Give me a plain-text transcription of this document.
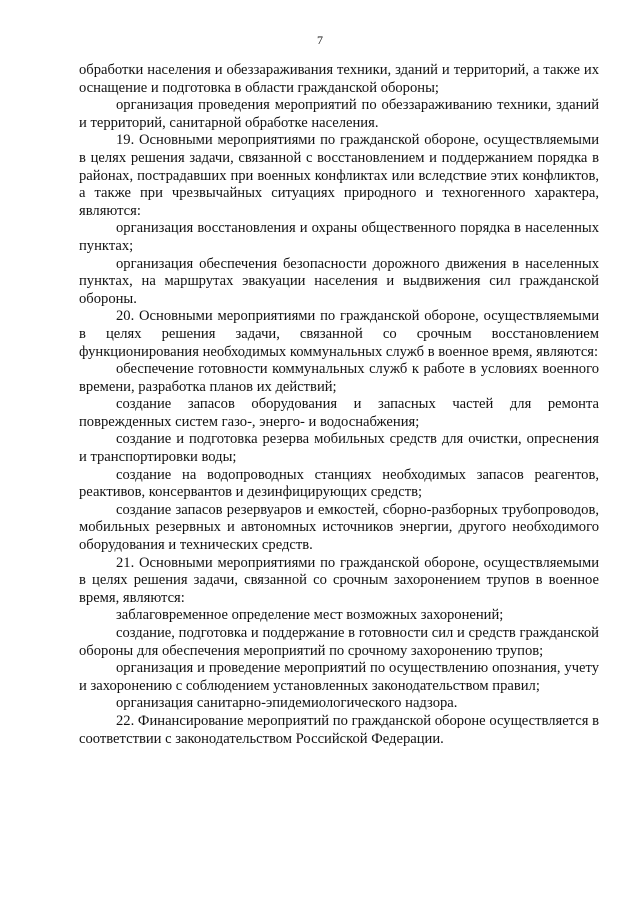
7

обработки населения и обеззараживания техники, зданий и территорий, а также их оснащение и подготовка в области гражданской обороны;

организация проведения мероприятий по обеззараживанию техники, зданий и территорий, санитарной обработке населения.

19. Основными мероприятиями по гражданской обороне, осуществляемыми в целях решения задачи, связанной с восстановлением и поддержанием порядка в районах, пострадавших при военных конфликтах или вследствие этих конфликтов, а также при чрезвычайных ситуациях природного и техногенного характера, являются:

организация восстановления и охраны общественного порядка в населенных пунктах;

организация обеспечения безопасности дорожного движения в населенных пунктах, на маршрутах эвакуации населения и выдвижения сил гражданской обороны.

20. Основными мероприятиями по гражданской обороне, осуществляемыми в целях решения задачи, связанной со срочным восстановлением функционирования необходимых коммунальных служб в военное время, являются:

обеспечение готовности коммунальных служб к работе в условиях военного времени, разработка планов их действий;

создание запасов оборудования и запасных частей для ремонта поврежденных систем газо-, энерго- и водоснабжения;

создание и подготовка резерва мобильных средств для очистки, опреснения и транспортировки воды;

создание на водопроводных станциях необходимых запасов реагентов, реактивов, консервантов и дезинфицирующих средств;

создание запасов резервуаров и емкостей, сборно-разборных трубопроводов, мобильных резервных и автономных источников энергии, другого необходимого оборудования и технических средств.

21. Основными мероприятиями по гражданской обороне, осуществляемыми в целях решения задачи, связанной со срочным захоронением трупов в военное время, являются:

заблаговременное определение мест возможных захоронений;

создание, подготовка и поддержание в готовности сил и средств гражданской обороны для обеспечения мероприятий по срочному захоронению трупов;

организация и проведение мероприятий по осуществлению опознания, учету и захоронению с соблюдением установленных законодательством правил;

организация санитарно-эпидемиологического надзора.

22. Финансирование мероприятий по гражданской обороне осуществляется в соответствии с законодательством Российской Федерации.
